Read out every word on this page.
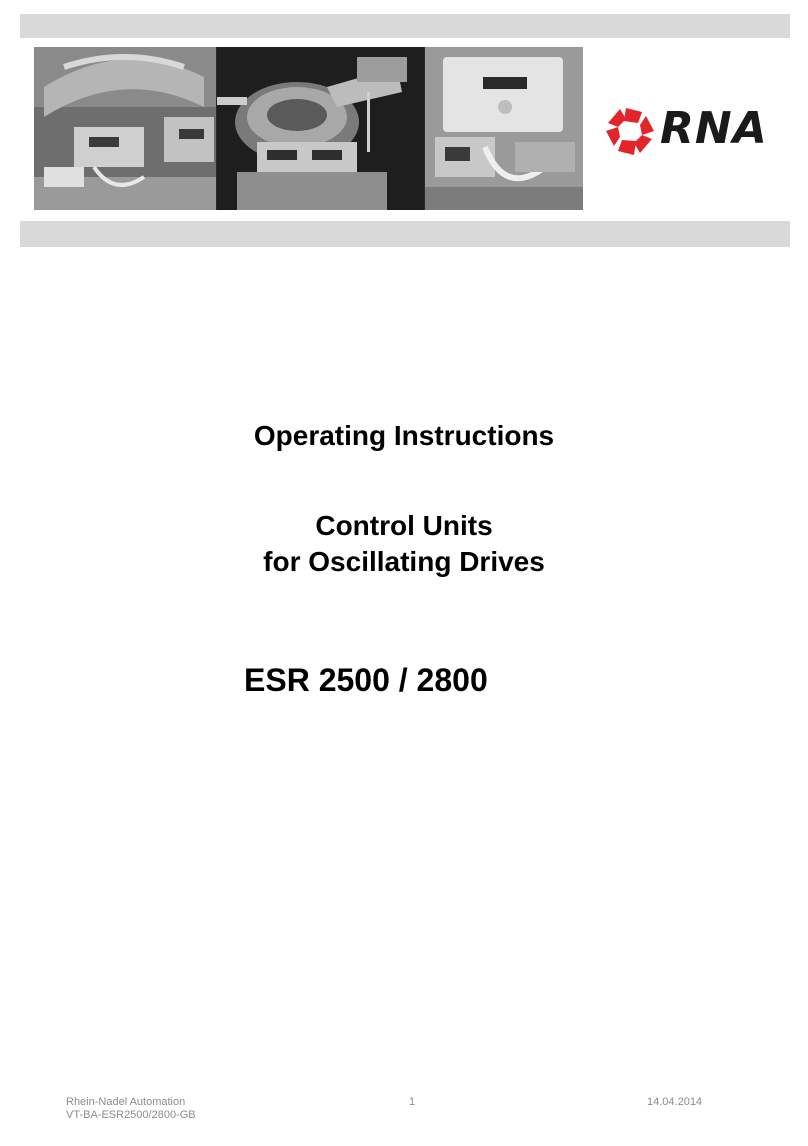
RNA
Operating Instructions
Control Units
for Oscillating Drives
ESR 2500 / 2800
Rhein-Nadel Automation
VT-BA-ESR2500/2800-GB
1	14.04.2014
